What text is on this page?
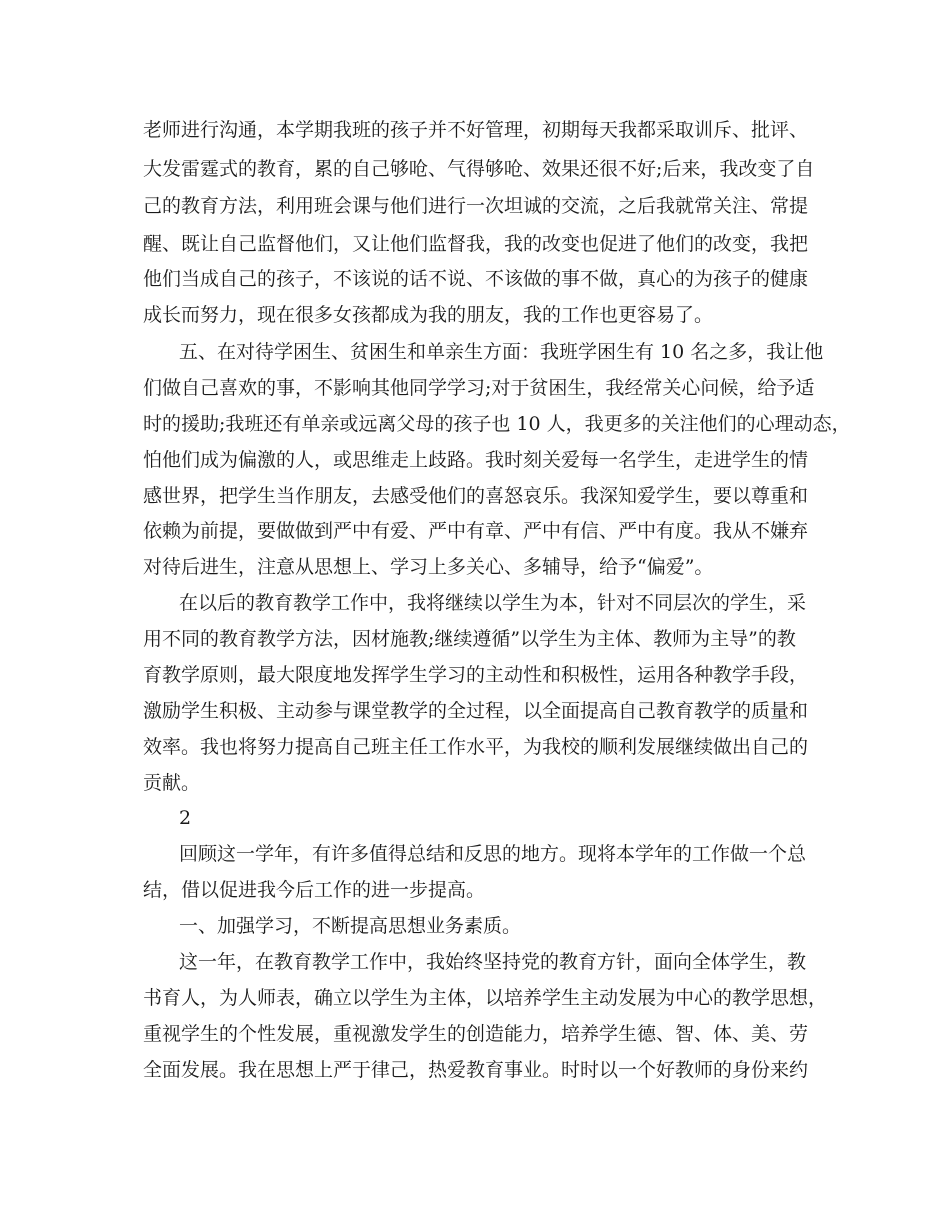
老师进行沟通，本学期我班的孩子并不好管理，初期每天我都采取训斥、批评、
大发雷霆式的教育，累的自己够呛、气得够呛、效果还很不好;后来，我改变了自
己的教育方法，利用班会课与他们进行一次坦诚的交流，之后我就常关注、常提
醒、既让自己监督他们，又让他们监督我，我的改变也促进了他们的改变，我把
他们当成自己的孩子，不该说的话不说、不该做的事不做，真心的为孩子的健康
成长而努力，现在很多女孩都成为我的朋友，我的工作也更容易了。
五、在对待学困生、贫困生和单亲生方面：我班学困生有 10 名之多，我让他
们做自己喜欢的事，不影响其他同学学习;对于贫困生，我经常关心问候，给予适
时的援助;我班还有单亲或远离父母的孩子也 10 人，我更多的关注他们的心理动态，
怕他们成为偏激的人，或思维走上歧路。我时刻关爱每一名学生，走进学生的情
感世界，把学生当作朋友，去感受他们的喜怒哀乐。我深知爱学生，要以尊重和
依赖为前提，要做做到严中有爱、严中有章、严中有信、严中有度。我从不嫌弃
对待后进生，注意从思想上、学习上多关心、多辅导，给予“偏爱”。
在以后的教育教学工作中，我将继续以学生为本，针对不同层次的学生，采
用不同的教育教学方法，因材施教;继续遵循”以学生为主体、教师为主导”的教
育教学原则，最大限度地发挥学生学习的主动性和积极性，运用各种教学手段，
激励学生积极、主动参与课堂教学的全过程，以全面提高自己教育教学的质量和
效率。我也将努力提高自己班主任工作水平，为我校的顺利发展继续做出自己的
贡献。
2
回顾这一学年，有许多值得总结和反思的地方。现将本学年的工作做一个总
结，借以促进我今后工作的进一步提高。
一、加强学习，不断提高思想业务素质。
这一年，在教育教学工作中，我始终坚持党的教育方针，面向全体学生，教
书育人，为人师表，确立以学生为主体，以培养学生主动发展为中心的教学思想，
重视学生的个性发展，重视激发学生的创造能力，培养学生德、智、体、美、劳
全面发展。我在思想上严于律己，热爱教育事业。时时以一个好教师的身份来约
